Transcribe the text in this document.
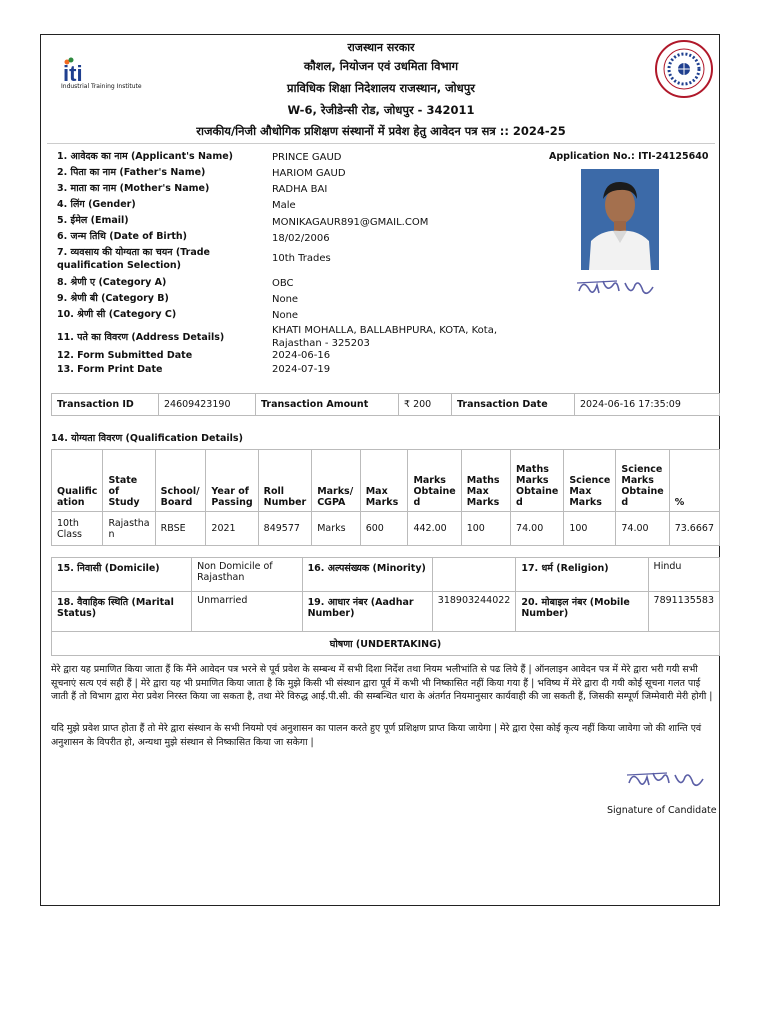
iti
Industrial Training Institute
राजस्थान सरकार
कौशल, नियोजन एवं उधमिता विभाग
प्राविधिक शिक्षा निदेशालय राजस्थान, जोधपुर
W-6, रेजीडेन्सी रोड, जोधपुर - 342011
राजकीय/निजी औधोगिक प्रशिक्षण संस्थानों में प्रवेश हेतु आवेदन पत्र सत्र :: 2024-25
Application No.: ITI-24125640
1. आवेदक का नाम (Applicant's Name)	PRINCE GAUD
2. पिता का नाम (Father's Name)	HARIOM GAUD
3. माता का नाम (Mother's Name)	RADHA BAI
4. लिंग (Gender)	Male
5. ईमेल (Email)	MONIKAGAUR891@GMAIL.COM
6. जन्म तिथि (Date of Birth)	18/02/2006
7. व्यवसाय की योग्यता का चयन (Trade
qualification Selection)
10th Trades
8. श्रेणी ए (Category A)	OBC
9. श्रेणी बी (Category B)	None
10. श्रेणी सी (Category C)	None
11. पते का विवरण (Address Details)
KHATI MOHALLA, BALLABHPURA, KOTA, Kota,
Rajasthan - 325203
12. Form Submitted Date	2024-06-16
13. Form Print Date	2024-07-19
Transaction ID	24609423190	Transaction Amount	₹ 200	Transaction Date	2024-06-16 17:35:09
14. योग्यता विवरण (Qualification Details)
Qualific ation	State of Study	School/ Board	Year of Passing	Roll Number	Marks/ CGPA	Max Marks	Marks Obtaine d	Maths Max Marks	Maths Marks Obtaine d	Science Max Marks	Science Marks Obtaine d	%
10th Class	Rajastha n	RBSE	2021	849577	Marks	600	442.00	100	74.00	100	74.00	73.6667
15. निवासी (Domicile)	Non Domicile of Rajasthan	16. अल्पसंख्यक (Minority)		17. धर्म (Religion)	Hindu
18. वैवाहिक स्थिति (Marital Status)	Unmarried	19. आधार नंबर (Aadhar Number)	318903244022	20. मोबाइल नंबर (Mobile Number)	7891135583
घोषणा (UNDERTAKING)					
मेरे द्वारा यह प्रमाणित किया जाता हैं कि मैंने आवेदन पत्र भरने से पूर्व प्रवेश के सम्बन्ध में सभी दिशा निर्देश तथा नियम भलीभांति से पढ लिये हैं | ऑनलाइन आवेदन पत्र में मेरे द्वारा भरी गयी सभी सूचनाएं सत्य एवं सही हैं | मेरे द्वारा यह भी प्रमाणित किया जाता है कि मुझे किसी भी संस्थान द्वारा पूर्व में कभी भी निष्कासित नहीं किया गया हैं | भविष्य में मेरे द्वारा दी गयी कोई सूचना गलत पाई जाती हैं तो विभाग द्वारा मेरा प्रवेश निरस्त किया जा सकता है, तथा मेरे विरुद्ध आई.पी.सी. की सम्बन्धित धारा के अंतर्गत नियमानुसार कार्यवाही की जा सकती हैं, जिसकी सम्पूर्ण जिम्मेवारी मेरी होगी |
यदि मुझे प्रवेश प्राप्त होता हैं तो मेरे द्वारा संस्थान के सभी नियमो एवं अनुशासन का पालन करते हुए पूर्ण प्रशिक्षण प्राप्त किया जायेगा | मेरे द्वारा ऐसा कोई कृत्य नहीं किया जावेगा जो की शान्ति एवं अनुशासन के विपरीत हो, अन्यथा मुझे संस्थान से निष्कासित किया जा सकेगा |
Signature of Candidate
